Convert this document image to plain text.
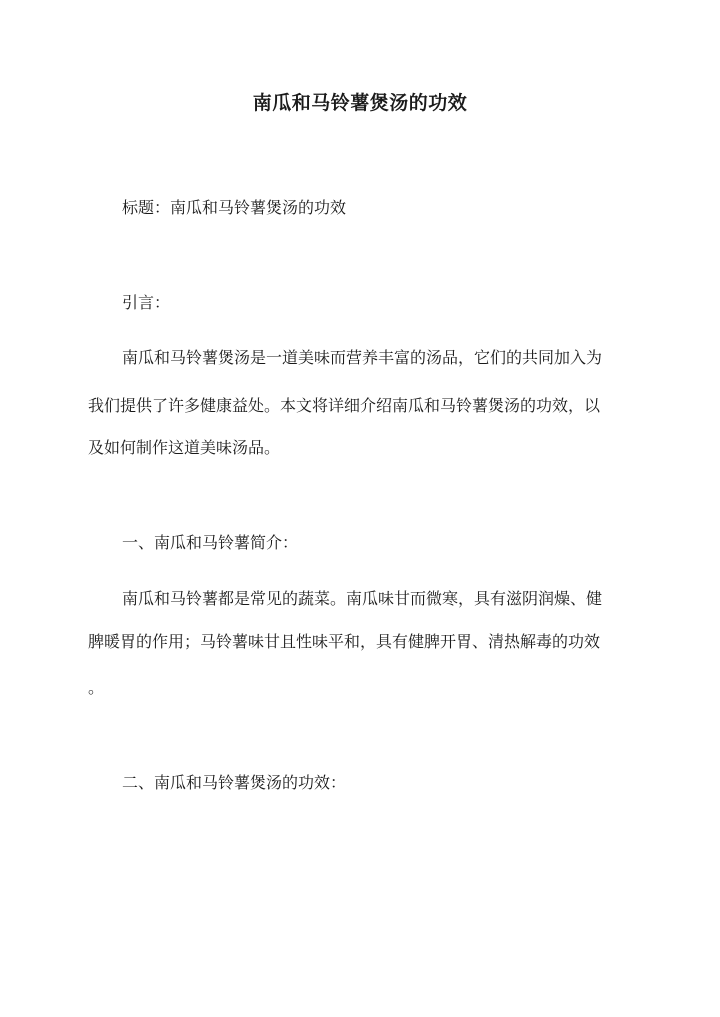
南瓜和马铃薯煲汤的功效
标题：南瓜和马铃薯煲汤的功效
引言：
南瓜和马铃薯煲汤是一道美味而营养丰富的汤品，它们的共同加入为
我们提供了许多健康益处。本文将详细介绍南瓜和马铃薯煲汤的功效，以
及如何制作这道美味汤品。
一、南瓜和马铃薯简介：
南瓜和马铃薯都是常见的蔬菜。南瓜味甘而微寒，具有滋阴润燥、健
脾暖胃的作用；马铃薯味甘且性味平和，具有健脾开胃、清热解毒的功效
。
二、南瓜和马铃薯煲汤的功效：
